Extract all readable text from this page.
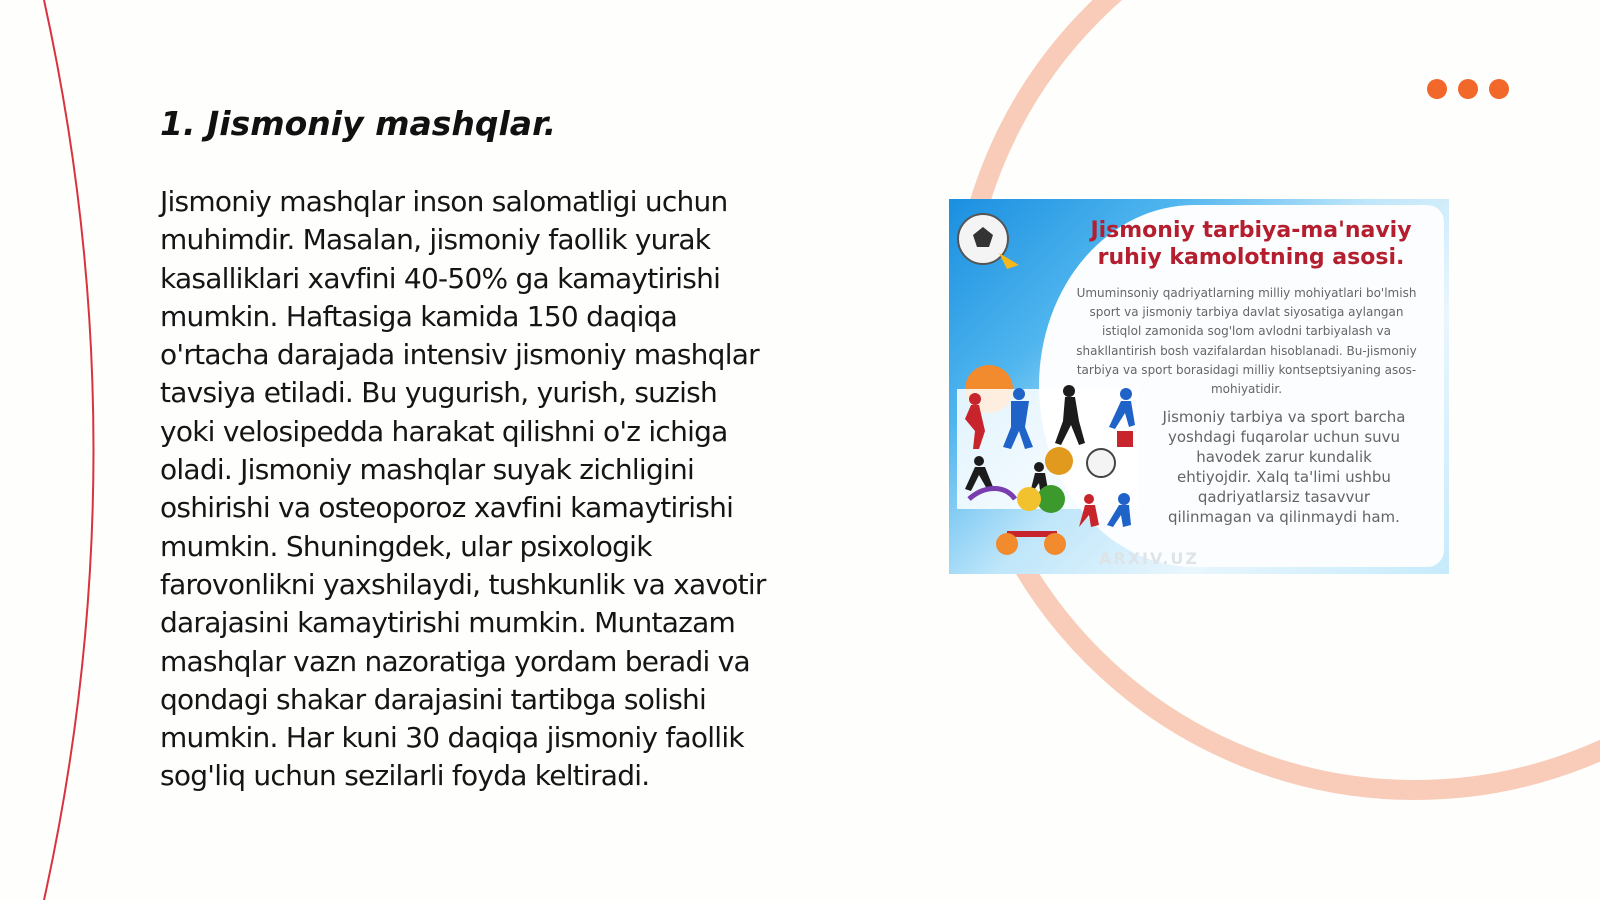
1. Jismoniy mashqlar.
Jismoniy mashqlar inson salomatligi uchun
muhimdir. Masalan, jismoniy faollik yurak
kasalliklari xavfini 40-50% ga kamaytirishi
mumkin. Haftasiga kamida 150 daqiqa
o'rtacha darajada intensiv jismoniy mashqlar
tavsiya etiladi. Bu yugurish, yurish, suzish
yoki velosipedda harakat qilishni o'z ichiga
oladi. Jismoniy mashqlar suyak zichligini
oshirishi va osteoporoz xavfini kamaytirishi
mumkin. Shuningdek, ular psixologik
farovonlikni yaxshilaydi, tushkunlik va xavotir
darajasini kamaytirishi mumkin. Muntazam
mashqlar vazn nazoratiga yordam beradi va
qondagi shakar darajasini tartibga solishi
mumkin. Har kuni 30 daqiqa jismoniy faollik
sog'liq uchun sezilarli foyda keltiradi.
Jismoniy tarbiya-ma'naviy
ruhiy kamolotning asosi.
Umuminsoniy qadriyatlarning milliy mohiyatlari bo'lmish
sport va jismoniy tarbiya davlat siyosatiga aylangan
istiqlol zamonida sog'lom avlodni tarbiyalash va
shakllantirish bosh vazifalardan hisoblanadi. Bu-jismoniy
tarbiya va sport borasidagi milliy kontseptsiyaning asos-
mohiyatidir.
Jismoniy tarbiya va sport barcha
yoshdagi fuqarolar uchun suvu
havodek zarur kundalik
ehtiyojdir. Xalq ta'limi ushbu
qadriyatlarsiz tasavvur
qilinmagan va qilinmaydi ham.
ARXIV.UZ
